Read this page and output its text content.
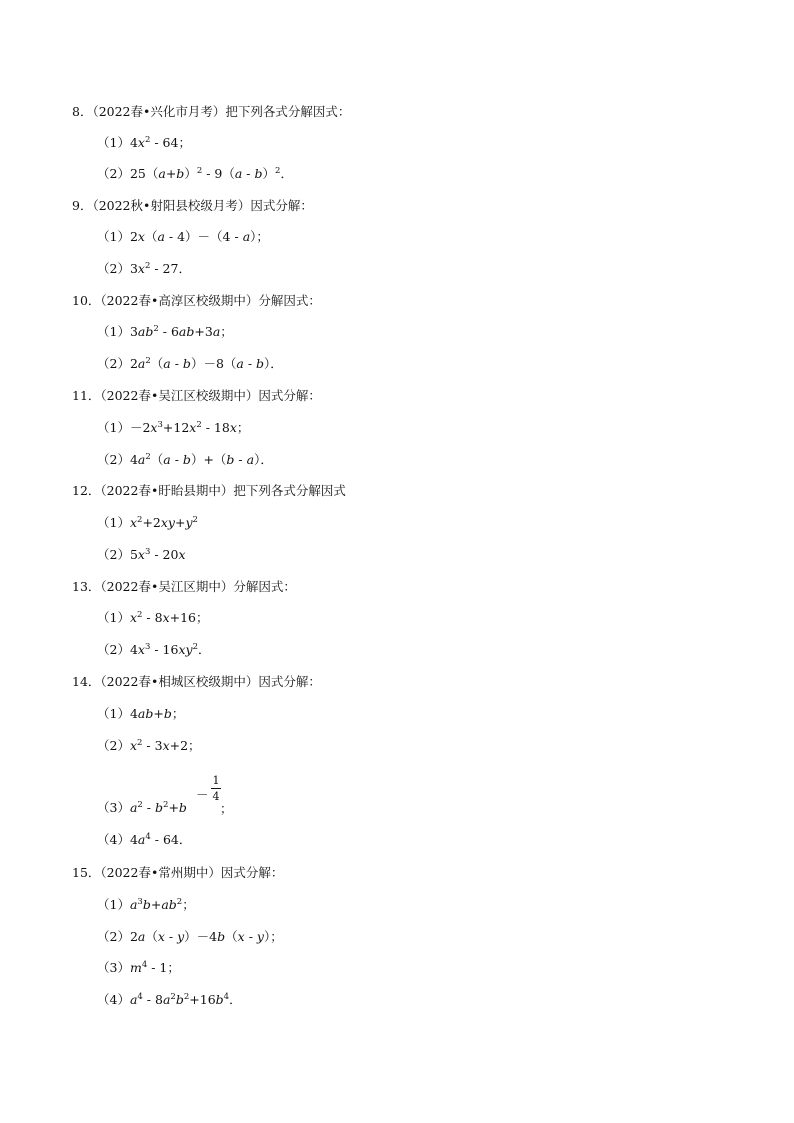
8．（2022春•兴化市月考）把下列各式分解因式：
$(1)4x^2 - 64$；
$(2)25(a+b)^2 - 9(a - b)^2$．
9．（2022秋•射阳县校级月考）因式分解：
（1）2x（a - 4）－（4 - a）；
$(2)3x^2 - 27$．
10．（2022春•高淳区校级期中）分解因式：
$(1)3ab^2 - 6ab+3a$；
$(2)2a^2(a - b)-8(a - b)$．
11．（2022春•吴江区校级期中）因式分解：
$(1)-2x^3+12x^2 - 18x$；
$(2)4a^2(a - b)+(b - a)$．
12．（2022春•盱眙县期中）把下列各式分解因式
$(1)x^2+2xy+y^2$
$(2)5x^3 - 20x$
13．（2022春•吴江区期中）分解因式：
$(1)x^2 - 8x+16$；
$(2)4x^3 - 16xy^2$．
14．（2022春•相城区校级期中）因式分解：
（1）4ab+b；
$(2)x^2 - 3x+2$；
$(3)a^2 - b^2+b$
－
1
4
；
$(4)4a^4 - 64$．
15．（2022春•常州期中）因式分解：
$(1)a^3b+ab^2$；
（2）2a（x - y）－4b（x - y）；
$(3)m^4 - 1$；
$(4)a^4 - 8a^2b^2+16b^4$．
